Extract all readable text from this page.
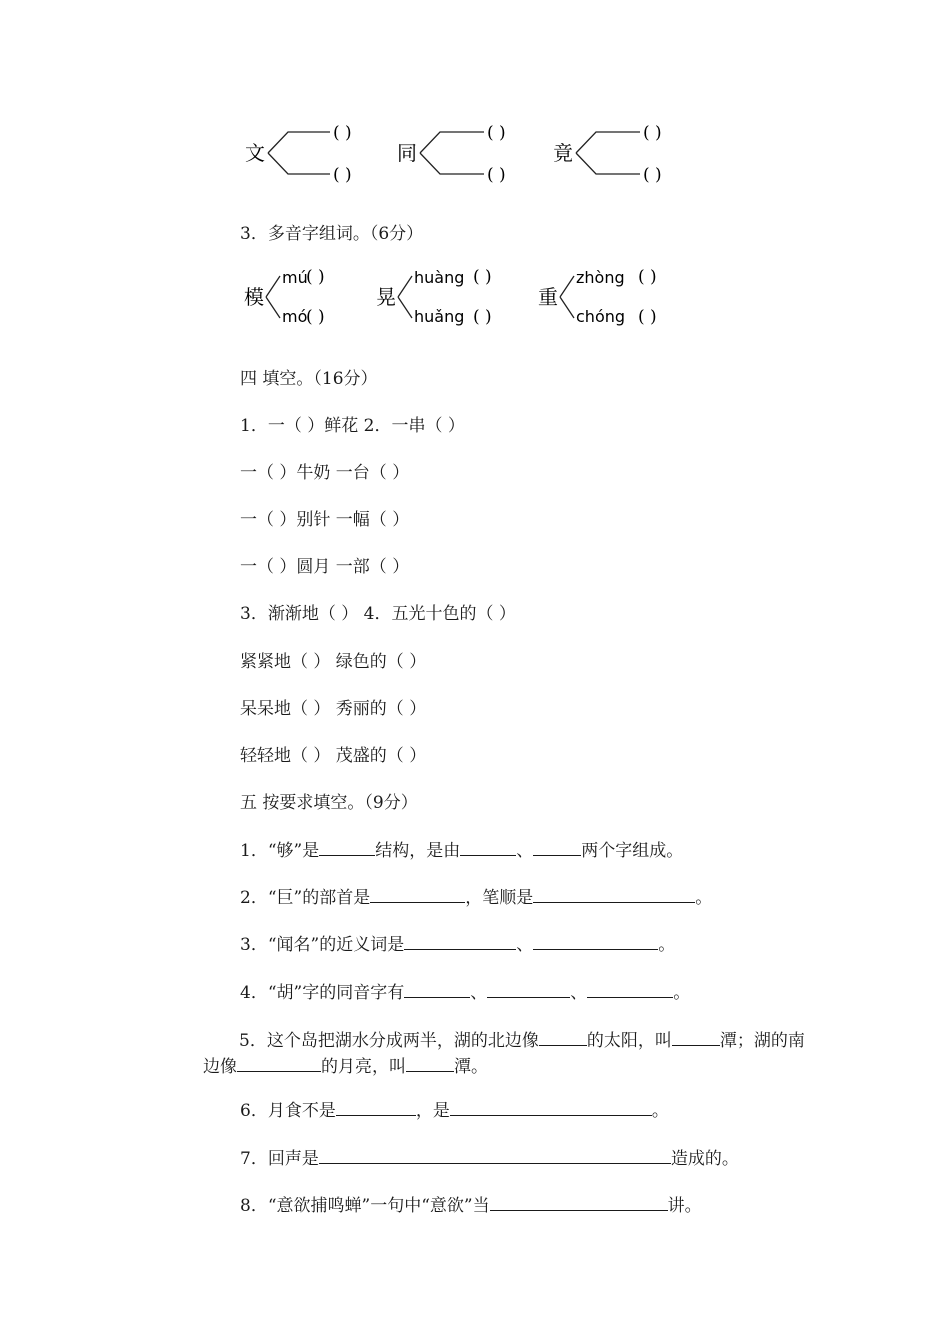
文
( )
( )
同
( )
( )
竟
( )
( )
3．多音字组词。（6分）
模
mú
mó
( )
( )
晃
huàng
huǎng
( )
( )
重
zhòng
chóng
( )
( )
四 填空。（16分）
1．一（ ）鲜花 2．一串（ ）
一（ ）牛奶 一台（ ）
一（ ）别针 一幅（ ）
一（ ）圆月 一部（ ）
3．渐渐地（ ） 4．五光十色的（ ）
紧紧地（ ） 绿色的（ ）
呆呆地（ ） 秀丽的（ ）
轻轻地（ ） 茂盛的（ ）
五 按要求填空。（9分）
1．“够”是	结构，是由	、	两个字组成。
2．“巨”的部首是	，笔顺是	。
3．“闻名”的近义词是	、	。
4．“胡”字的同音字有	、	、	。
5．这个岛把湖水分成两半，湖的北边像	的太阳，叫	潭；湖的南边像	的月亮，叫	潭。
6．月食不是	，是	。
7．回声是	造成的。
8．“意欲捕鸣蝉”一句中“意欲”当	讲。
